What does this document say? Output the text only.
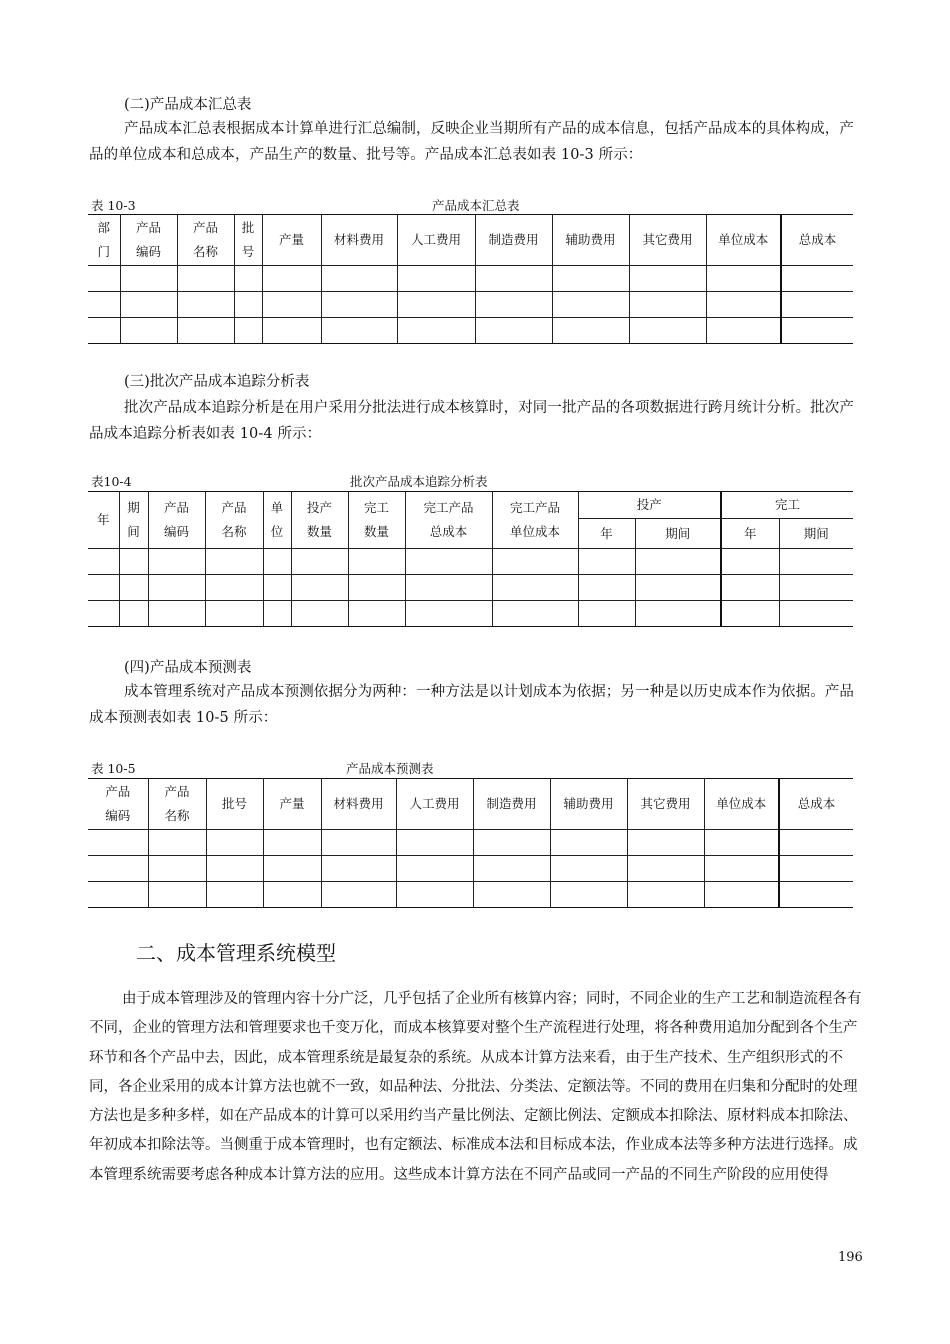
(二)产品成本汇总表
产品成本汇总表根据成本计算单进行汇总编制，反映企业当期所有产品的成本信息，包括产品成本的具体构成，产品的单位成本和总成本，产品生产的数量、批号等。产品成本汇总表如表 10-3 所示：
表 10-3	产品成本汇总表
部门	产品编码	产品名称	批号	产量	材料费用	人工费用	制造费用	辅助费用	其它费用	单位成本	总成本

(三)批次产品成本追踪分析表
批次产品成本追踪分析是在用户采用分批法进行成本核算时，对同一批产品的各项数据进行跨月统计分析。批次产品成本追踪分析表如表 10-4 所示：
表10-4	批次产品成本追踪分析表
年	期间	产品编码	产品名称	单位	投产数量	完工数量	完工产品总成本	完工产品单位成本	投产		完工	
									年	期间	年	期间

(四)产品成本预测表
成本管理系统对产品成本预测依据分为两种：一种方法是以计划成本为依据；另一种是以历史成本作为依据。产品成本预测表如表 10-5 所示：
表 10-5	产品成本预测表
产品编码	产品名称	批号	产量	材料费用	人工费用	制造费用	辅助费用	其它费用	单位成本	总成本

二、成本管理系统模型
由于成本管理涉及的管理内容十分广泛，几乎包括了企业所有核算内容；同时，不同企业的生产工艺和制造流程各有不同，企业的管理方法和管理要求也千变万化，而成本核算要对整个生产流程进行处理，将各种费用追加分配到各个生产环节和各个产品中去，因此，成本管理系统是最复杂的系统。从成本计算方法来看，由于生产技术、生产组织形式的不同，各企业采用的成本计算方法也就不一致，如品种法、分批法、分类法、定额法等。不同的费用在归集和分配时的处理方法也是多种多样，如在产品成本的计算可以采用约当产量比例法、定额比例法、定额成本扣除法、原材料成本扣除法、年初成本扣除法等。当侧重于成本管理时，也有定额法、标准成本法和目标成本法，作业成本法等多种方法进行选择。成本管理系统需要考虑各种成本计算方法的应用。这些成本计算方法在不同产品或同一产品的不同生产阶段的应用使得
196
